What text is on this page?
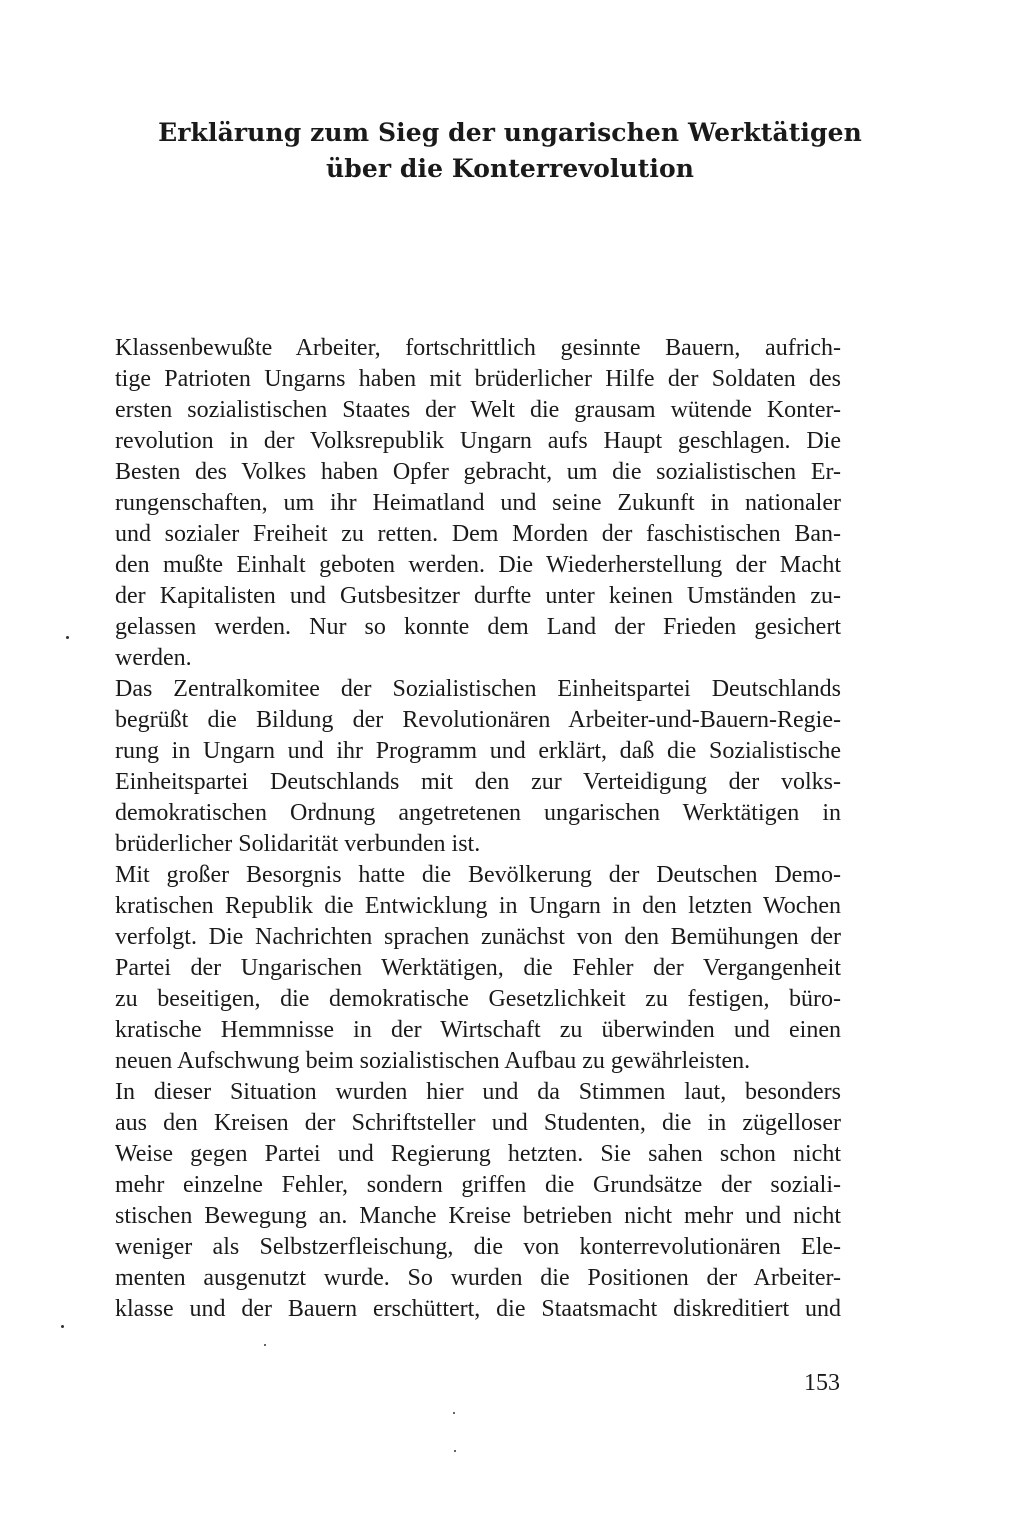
Erklärung zum Sieg der ungarischen Werktätigen
über die Konterrevolution
Klassenbewußte Arbeiter, fortschrittlich gesinnte Bauern, aufrich-
tige Patrioten Ungarns haben mit brüderlicher Hilfe der Soldaten des
ersten sozialistischen Staates der Welt die grausam wütende Konter-
revolution in der Volksrepublik Ungarn aufs Haupt geschlagen. Die
Besten des Volkes haben Opfer gebracht, um die sozialistischen Er-
rungenschaften, um ihr Heimatland und seine Zukunft in nationaler
und sozialer Freiheit zu retten. Dem Morden der faschistischen Ban-
den mußte Einhalt geboten werden. Die Wiederherstellung der Macht
der Kapitalisten und Gutsbesitzer durfte unter keinen Umständen zu-
gelassen werden. Nur so konnte dem Land der Frieden gesichert
werden.
Das Zentralkomitee der Sozialistischen Einheitspartei Deutschlands
begrüßt die Bildung der Revolutionären Arbeiter-und-Bauern-Regie-
rung in Ungarn und ihr Programm und erklärt, daß die Sozialistische
Einheitspartei Deutschlands mit den zur Verteidigung der volks-
demokratischen Ordnung angetretenen ungarischen Werktätigen in
brüderlicher Solidarität verbunden ist.
Mit großer Besorgnis hatte die Bevölkerung der Deutschen Demo-
kratischen Republik die Entwicklung in Ungarn in den letzten Wochen
verfolgt. Die Nachrichten sprachen zunächst von den Bemühungen der
Partei der Ungarischen Werktätigen, die Fehler der Vergangenheit
zu beseitigen, die demokratische Gesetzlichkeit zu festigen, büro-
kratische Hemmnisse in der Wirtschaft zu überwinden und einen
neuen Aufschwung beim sozialistischen Aufbau zu gewährleisten.
In dieser Situation wurden hier und da Stimmen laut, besonders
aus den Kreisen der Schriftsteller und Studenten, die in zügelloser
Weise gegen Partei und Regierung hetzten. Sie sahen schon nicht
mehr einzelne Fehler, sondern griffen die Grundsätze der soziali-
stischen Bewegung an. Manche Kreise betrieben nicht mehr und nicht
weniger als Selbstzerfleischung, die von konterrevolutionären Ele-
menten ausgenutzt wurde. So wurden die Positionen der Arbeiter-
klasse und der Bauern erschüttert, die Staatsmacht diskreditiert und
153
